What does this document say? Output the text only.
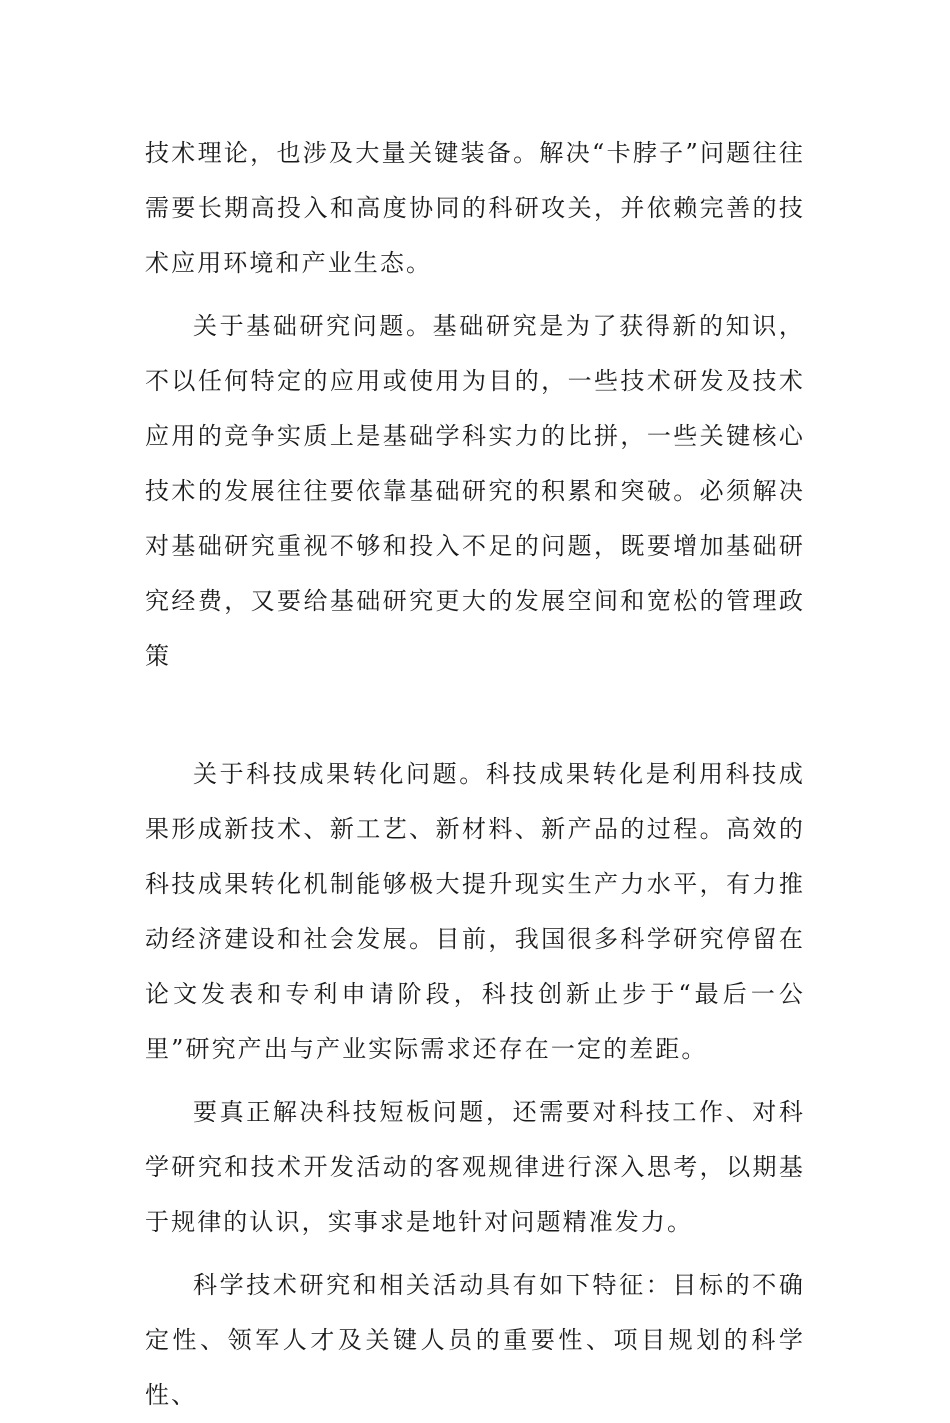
技术理论，也涉及大量关键装备。解决“卡脖子”问题往往需要长期高投入和高度协同的科研攻关，并依赖完善的技术应用环境和产业生态。

关于基础研究问题。基础研究是为了获得新的知识，不以任何特定的应用或使用为目的，一些技术研发及技术应用的竞争实质上是基础学科实力的比拼，一些关键核心技术的发展往往要依靠基础研究的积累和突破。必须解决对基础研究重视不够和投入不足的问题，既要增加基础研究经费，又要给基础研究更大的发展空间和宽松的管理政策

关于科技成果转化问题。科技成果转化是利用科技成果形成新技术、新工艺、新材料、新产品的过程。高效的科技成果转化机制能够极大提升现实生产力水平，有力推动经济建设和社会发展。目前，我国很多科学研究停留在论文发表和专利申请阶段，科技创新止步于“最后一公里”研究产出与产业实际需求还存在一定的差距。

要真正解决科技短板问题，还需要对科技工作、对科学研究和技术开发活动的客观规律进行深入思考，以期基于规律的认识，实事求是地针对问题精准发力。

科学技术研究和相关活动具有如下特征：目标的不确定性、领军人才及关键人员的重要性、项目规划的科学性、
